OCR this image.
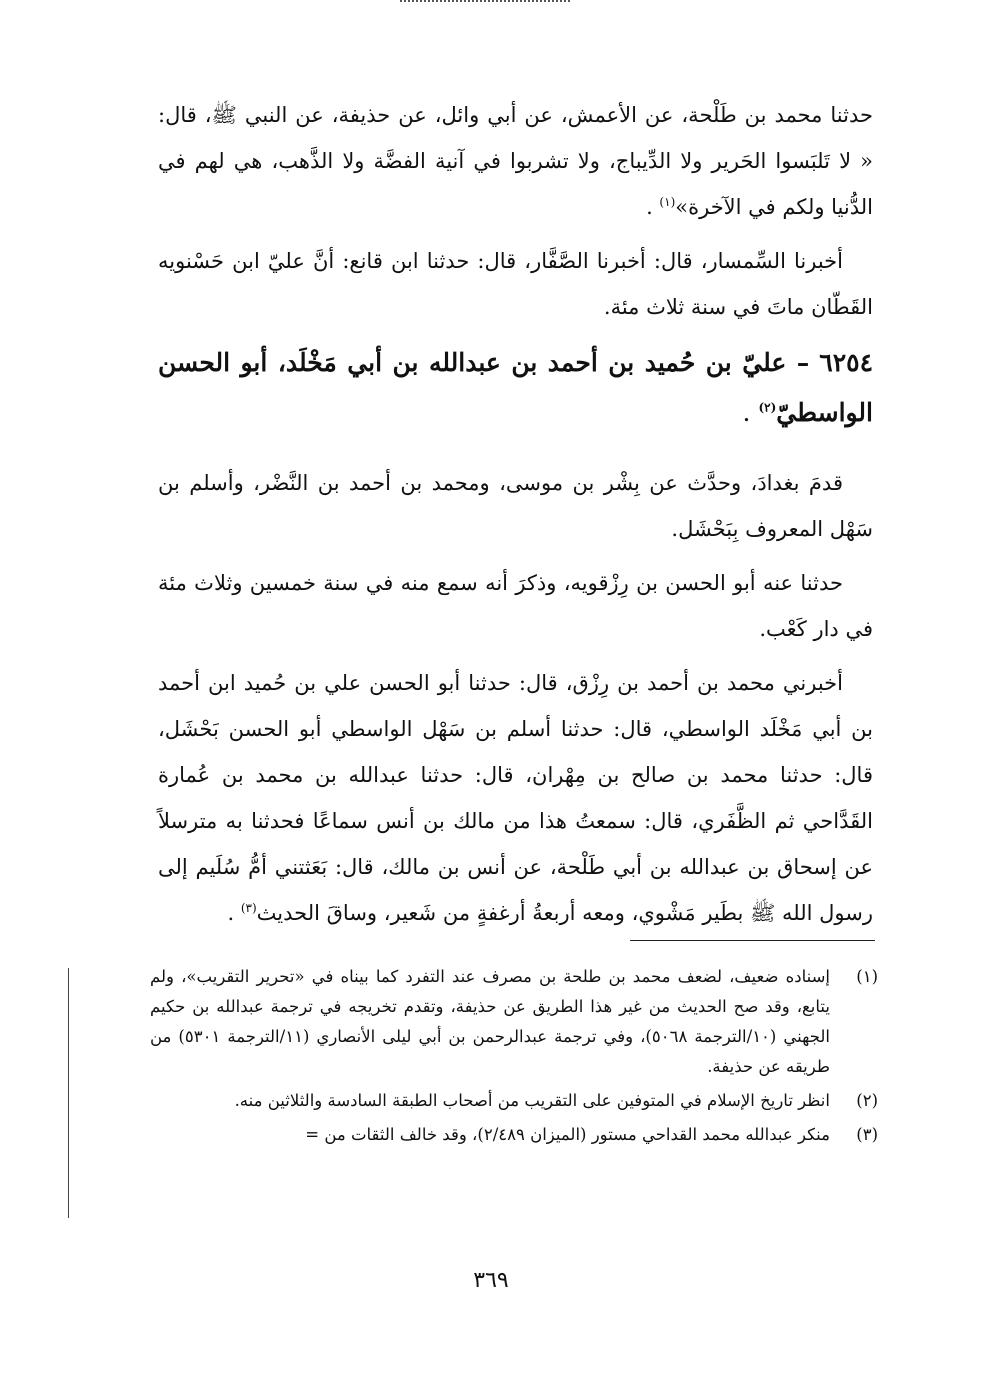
حدثنا محمد بن طَلْحة، عن الأعمش، عن أبي وائل، عن حذيفة، عن النبي ﷺ، قال: « لا تَلبَسوا الحَرير ولا الدِّيباج، ولا تشربوا في آنية الفضَّة ولا الذَّهب، هي لهم في الدُّنيا ولكم في الآخرة»$^{(١)}$ .

أخبرنا السِّمسار، قال: أخبرنا الصَّفَّار، قال: حدثنا ابن قانع: أنَّ عليّ ابن حَسْنويه القَطّان ماتَ في سنة ثلاث مئة.

٦٢٥٤– عليّ بن حُميد بن أحمد بن عبدالله بن أبي مَخْلَد، أبو الحسن الواسطيّ$^{(٢)}$ .

قدمَ بغدادَ، وحدَّث عن بِشْر بن موسى، ومحمد بن أحمد بن النَّضْر، وأسلم بن سَهْل المعروف بِبَحْشَل.

حدثنا عنه أبو الحسن بن رِزْقويه، وذكرَ أنه سمع منه في سنة خمسين وثلاث مئة في دار كَعْب.

أخبرني محمد بن أحمد بن رِزْق، قال: حدثنا أبو الحسن علي بن حُميد ابن أحمد بن أبي مَخْلَد الواسطي، قال: حدثنا أسلم بن سَهْل الواسطي أبو الحسن بَحْشَل، قال: حدثنا محمد بن صالح بن مِهْران، قال: حدثنا عبدالله بن محمد بن عُمارة القَدَّاحي ثم الظَّفَري، قال: سمعتُ هذا من مالك بن أنس سماعًا فحدثنا به مترسلاً عن إسحاق بن عبدالله بن أبي طَلْحة، عن أنس بن مالك، قال: بَعَثتني أمُّ سُلَيم إلى رسول الله ﷺ بطَير مَشْوي، ومعه أربعةُ أرغفةٍ من شَعير، وساقَ الحديث$^{(٣)}$ .

(١)
إسناده ضعيف، لضعف محمد بن طلحة بن مصرف عند التفرد كما بيناه في «تحرير التقريب»، ولم يتابع، وقد صح الحديث من غير هذا الطريق عن حذيفة، وتقدم تخريجه في ترجمة عبدالله بن حكيم الجهني (١٠/الترجمة ٥٠٦٨)، وفي ترجمة عبدالرحمن بن أبي ليلى الأنصاري (١١/الترجمة ٥٣٠١) من طريقه عن حذيفة.
(٢)
انظر تاريخ الإسلام في المتوفين على التقريب من أصحاب الطبقة السادسة والثلاثين منه.
(٣)
منكر عبدالله محمد القداحي مستور (الميزان ٢/٤٨٩)، وقد خالف الثقات من =
٣٦٩
